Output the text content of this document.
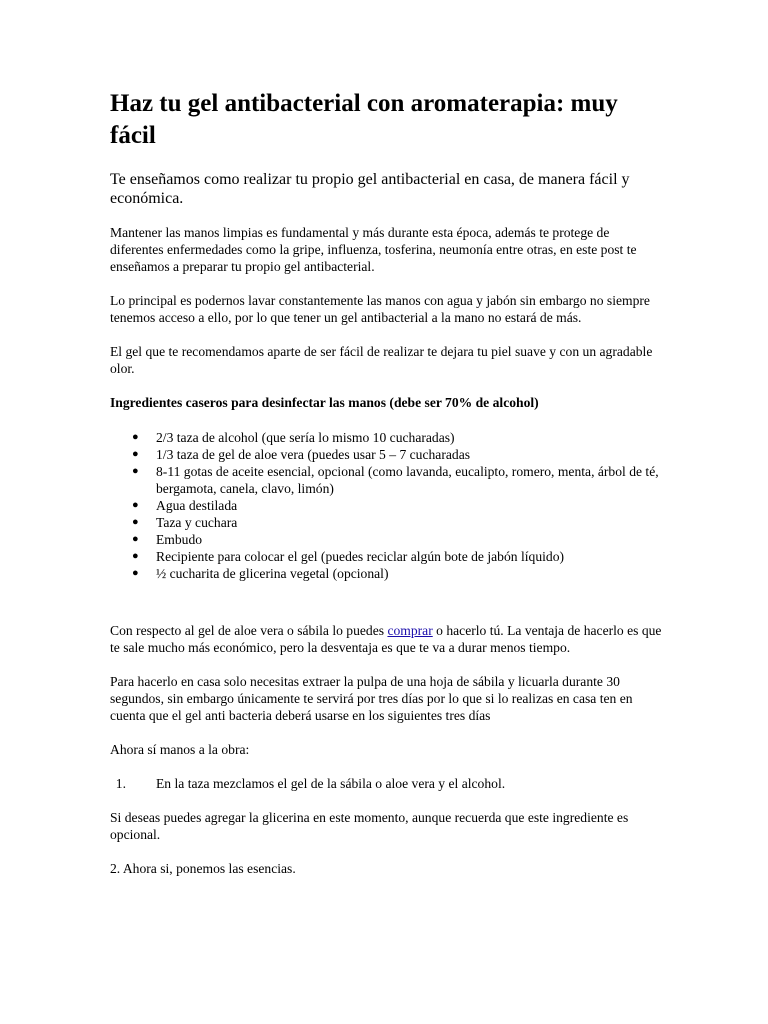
Haz tu gel antibacterial con aromaterapia: muy fácil

Te enseñamos como realizar tu propio gel antibacterial en casa, de manera fácil y económica.

Mantener las manos limpias es fundamental y más durante esta época, además te protege de diferentes enfermedades como la gripe, influenza, tosferina, neumonía entre otras, en este post te enseñamos a preparar tu propio gel antibacterial.

Lo principal es podernos lavar constantemente las manos con agua y jabón sin embargo no siempre tenemos acceso a ello, por lo que tener un gel antibacterial a la mano no estará de más.

El gel que te recomendamos aparte de ser fácil de realizar te dejara tu piel suave y con un agradable olor.

Ingredientes caseros para desinfectar las manos (debe ser 70% de alcohol)

● 2/3 taza de alcohol (que sería lo mismo 10 cucharadas)
● 1/3 taza de gel de aloe vera (puedes usar 5 – 7 cucharadas
● 8-11 gotas de aceite esencial, opcional (como lavanda, eucalipto, romero, menta, árbol de té, bergamota, canela, clavo, limón)
● Agua destilada
● Taza y cuchara
● Embudo
● Recipiente para colocar el gel (puedes reciclar algún bote de jabón líquido)
● ½ cucharita de glicerina vegetal (opcional)

Con respecto al gel de aloe vera o sábila lo puedes comprar o hacerlo tú. La ventaja de hacerlo es que te sale mucho más económico, pero la desventaja es que te va a durar menos tiempo.

Para hacerlo en casa solo necesitas extraer la pulpa de una hoja de sábila y licuarla durante 30 segundos, sin embargo únicamente te servirá por tres días por lo que si lo realizas en casa ten en cuenta que el gel anti bacteria deberá usarse en los siguientes tres días

Ahora sí manos a la obra:

1. En la taza mezclamos el gel de la sábila o aloe vera y el alcohol.

Si deseas puedes agregar la glicerina en este momento, aunque recuerda que este ingrediente es opcional.

2. Ahora si, ponemos las esencias.
